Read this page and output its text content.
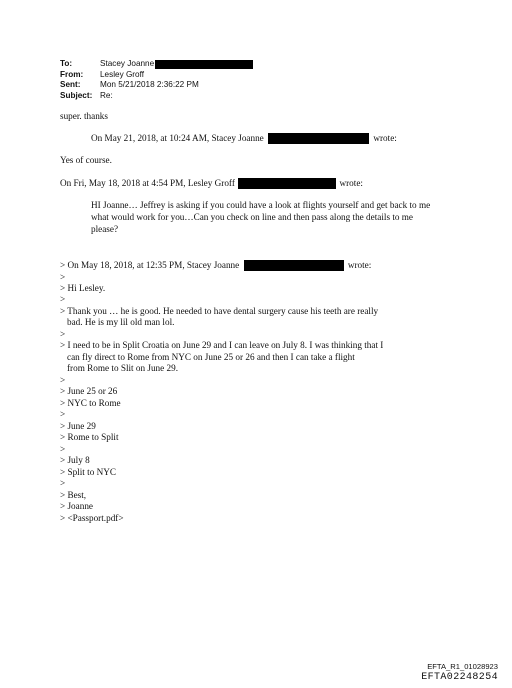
To:	Stacey Joanne
From:	Lesley Groff
Sent:	Mon 5/21/2018 2:36:22 PM
Subject: Re:
super. thanks
On May 21, 2018, at 10:24 AM, Stacey Joanne	wrote:
Yes of course.
On Fri, May 18, 2018 at 4:54 PM, Lesley Groff	wrote:
HI Joanne… Jeffrey is asking if you could have a look at flights yourself and get back to me what would work for you…Can you check on line and then pass along the details to me please?
> On May 18, 2018, at 12:35 PM, Stacey Joanne	wrote:
>
> Hi Lesley.
>
> Thank you … he is good. He needed to have dental surgery cause his teeth are really
bad. He is my lil old man lol.
>
> I need to be in Split Croatia on June 29 and I can leave on July 8. I was thinking that I
can fly direct to Rome from NYC on June 25 or 26 and then I can take a flight
from Rome to Slit on June 29.
>
> June 25 or 26
> NYC to Rome
>
> June 29
> Rome to Split
>
> July 8
> Split to NYC
>
> Best,
> Joanne
> <Passport.pdf>
EFTA_R1_01028923
EFTA02248254
